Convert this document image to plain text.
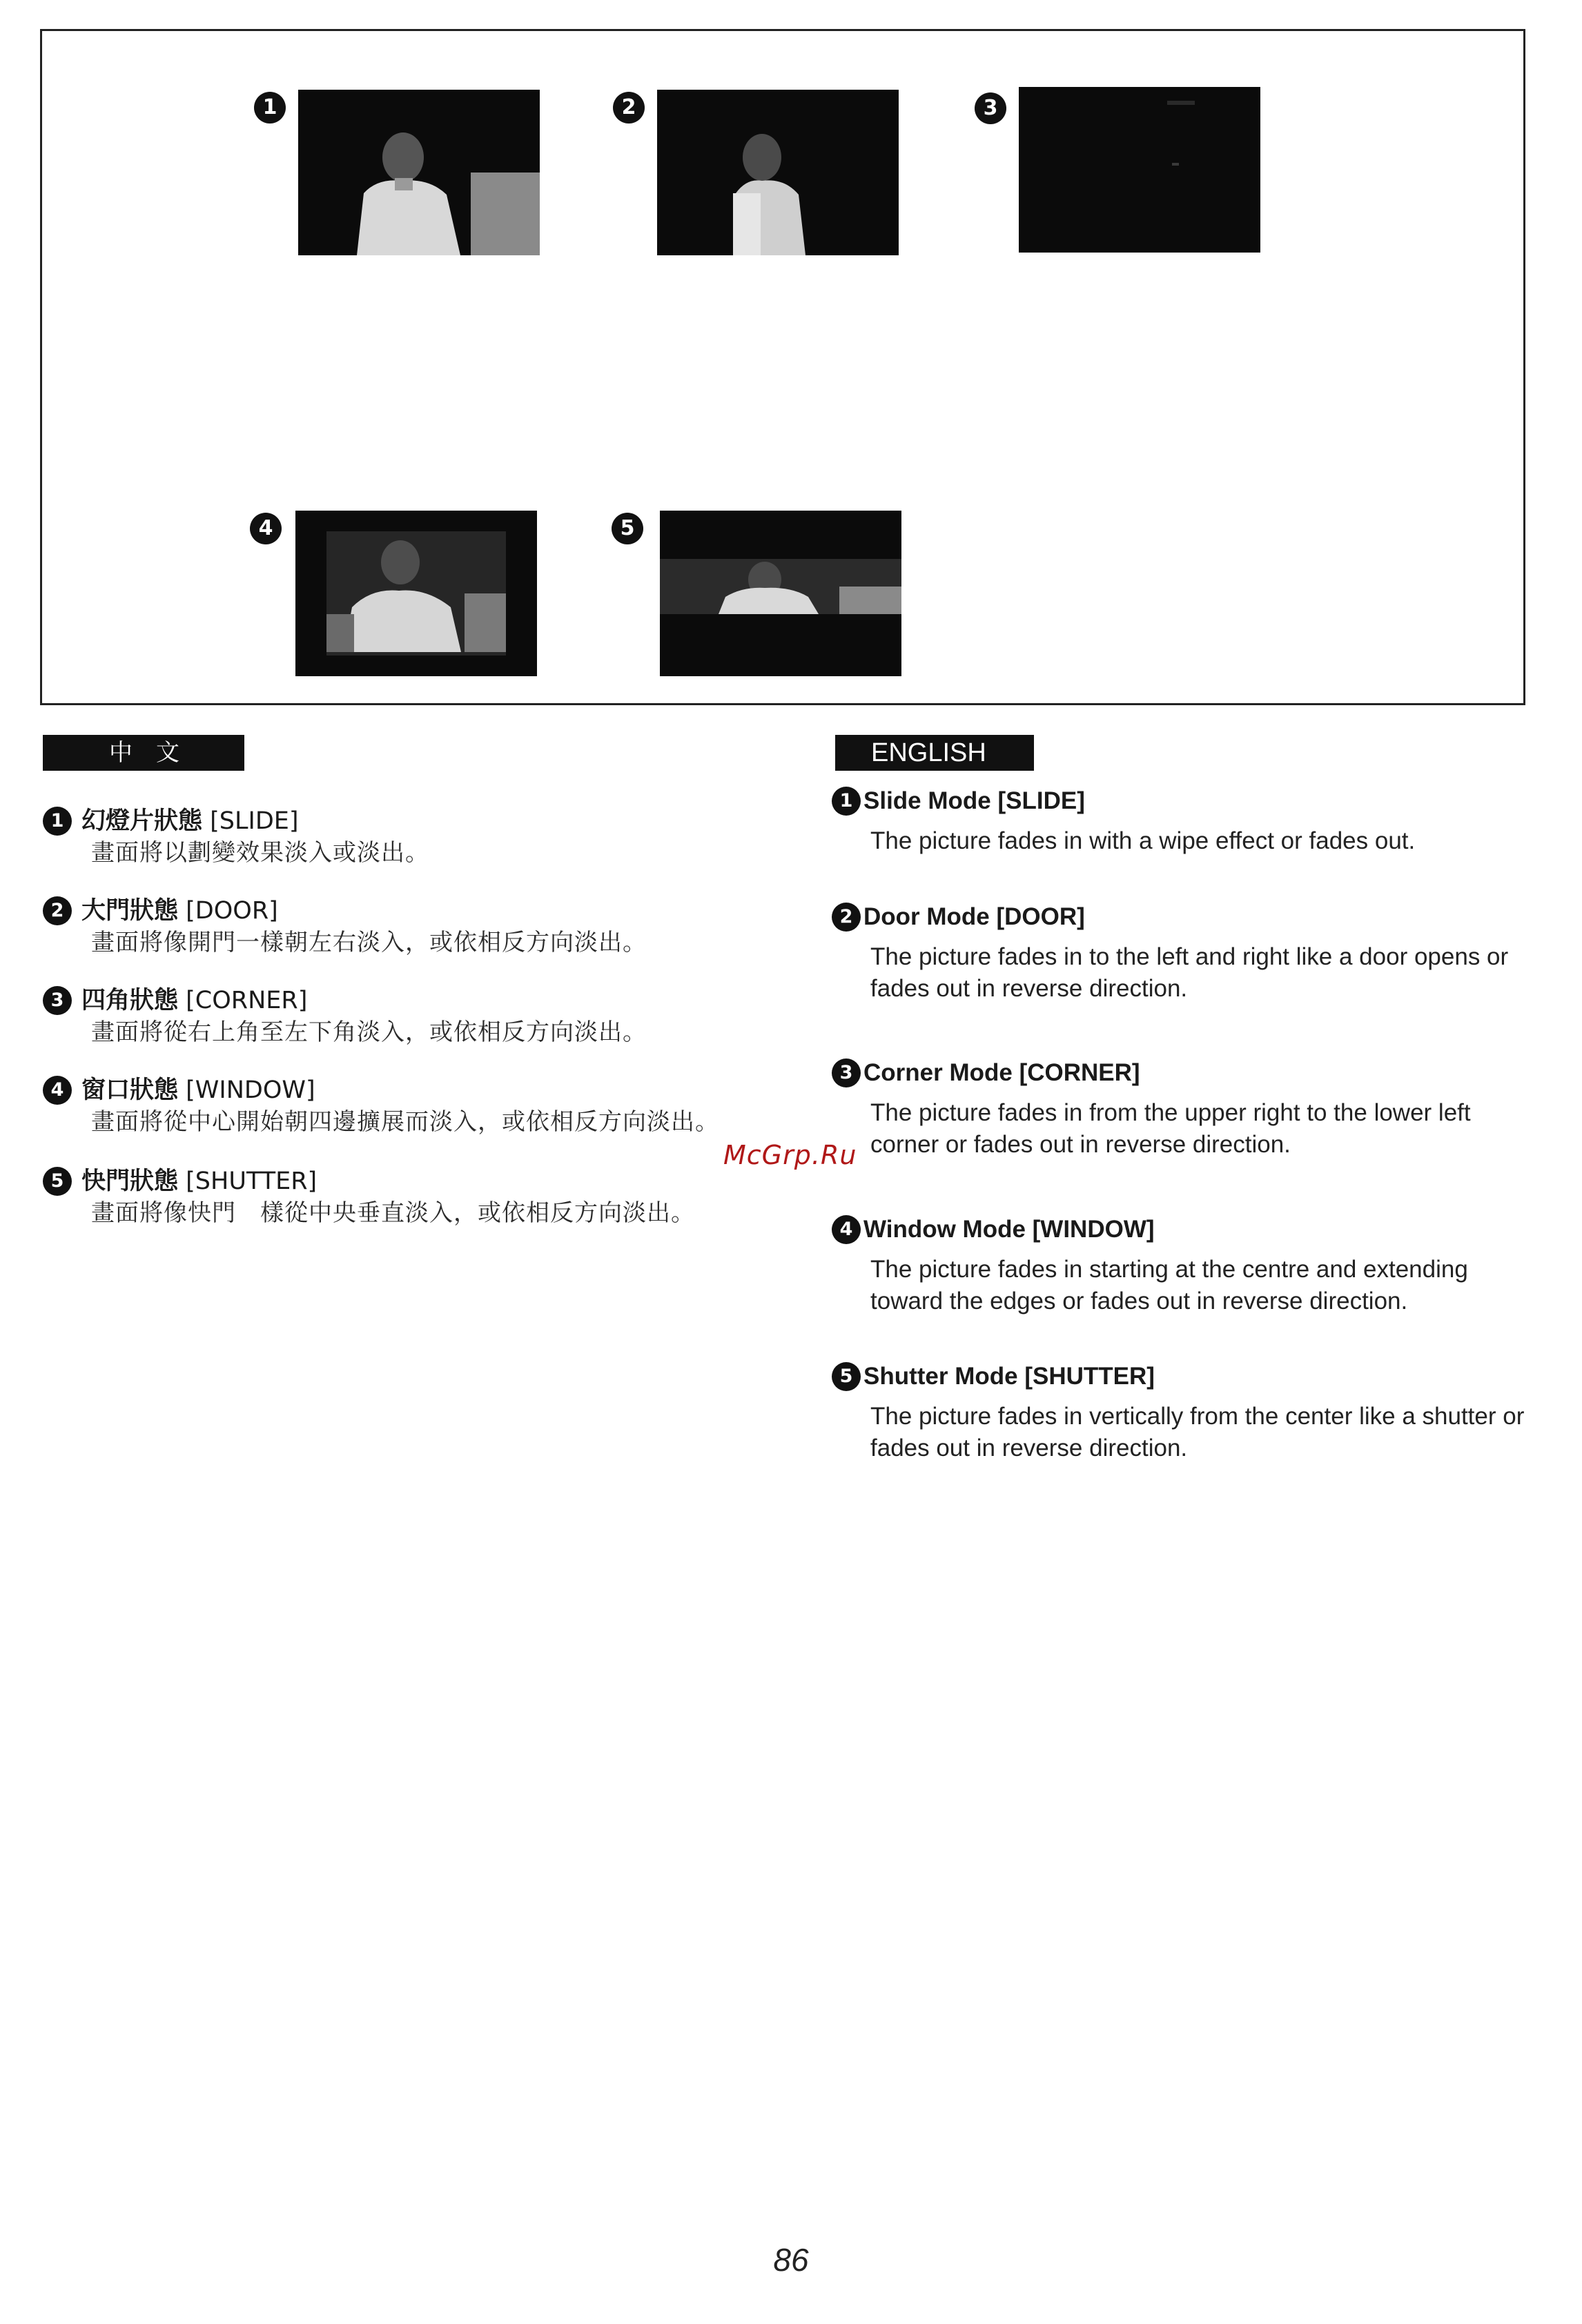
1	2	3
4	5
中　文
1 幻燈片狀態 [SLIDE]
畫面將以劃變效果淡入或淡出。
2 大門狀態 [DOOR]
畫面將像開門一樣朝左右淡入，或依相反方向淡出。
3 四角狀態 [CORNER]
畫面將從右上角至左下角淡入，或依相反方向淡出。
4 窗口狀態 [WINDOW]
畫面將從中心開始朝四邊擴展而淡入，或依相反方向淡出。
5 快門狀態 [SHUTTER]
畫面將像快門　樣從中央垂直淡入，或依相反方向淡出。
ENGLISH
1 Slide Mode [SLIDE]
The picture fades in with a wipe effect or fades out.
2 Door Mode [DOOR]
The picture fades in to the left and right like a door opens or fades out in reverse direction.
3 Corner Mode [CORNER]
The picture fades in from the upper right to the lower left corner or fades out in reverse direction.
4 Window Mode [WINDOW]
The picture fades in starting at the centre and extending toward the edges or fades out in reverse direction.
5 Shutter Mode [SHUTTER]
The picture fades in vertically from the center like a shutter or fades out in reverse direction.
McGrp.Ru
86
